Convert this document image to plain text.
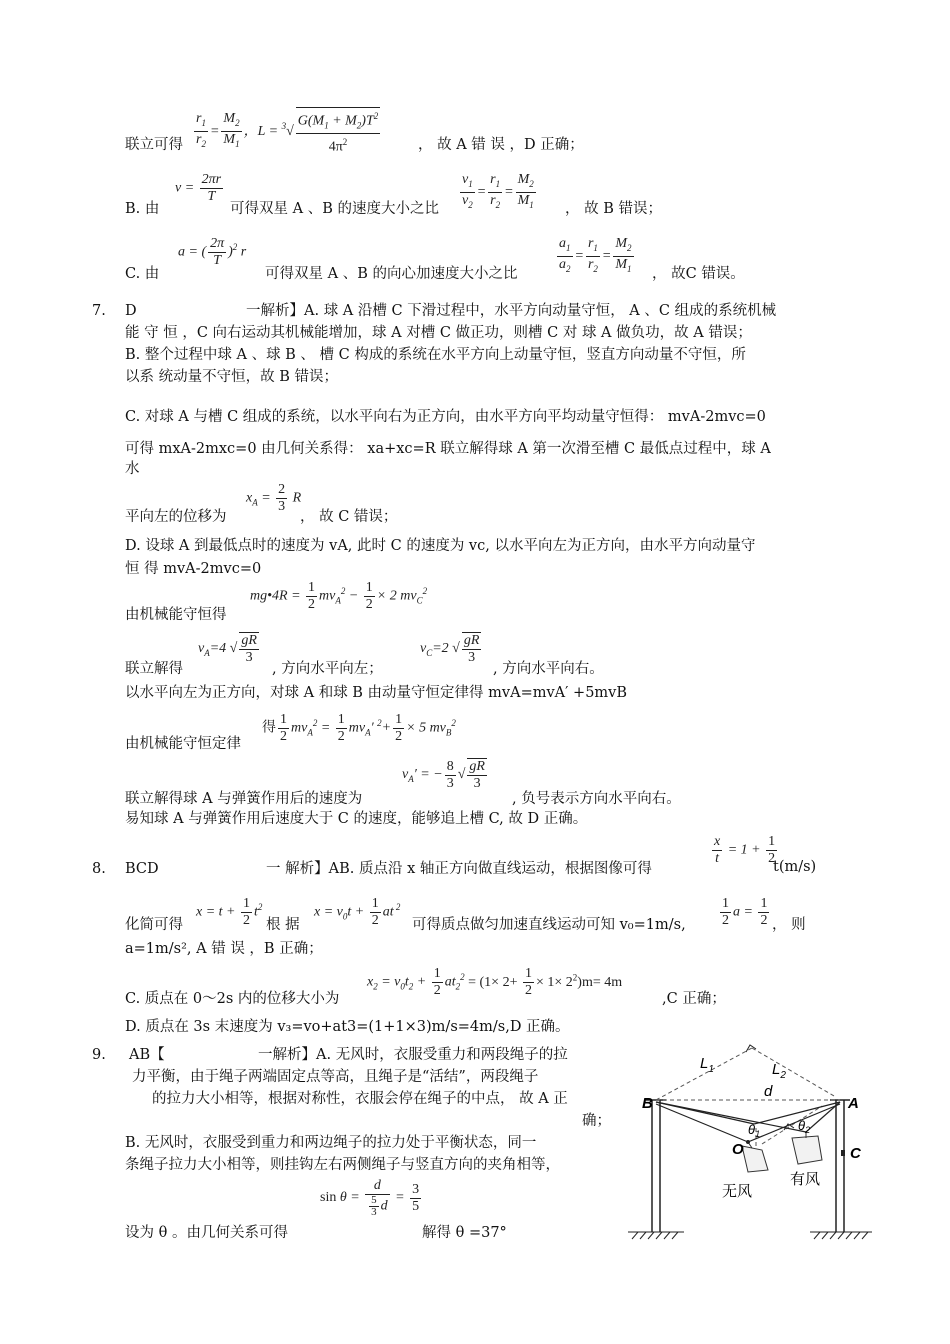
联立可得 $\frac{r_1}{r_2} = \frac{M_2}{M_1}$ ，$L = ^3√ \frac{G(M_1 + M_2)T^2}{4\pi^2}$	， 故 A 错 误 ，D 正确；
B. 由
$v = \frac{2\pi r}{T}$
可得双星 A 、B 的速度大小之比 $\frac{v_1}{v_2} = \frac{r_1}{r_2} = \frac{M_2}{M_1}$ ， 故 B 错误；
C. 由
a = ( $\frac{2\pi}{T} )^2$ r
可得双星 A 、B 的向心加速度大小之比	$\frac{a_1}{a_2} = \frac{r_1}{r_2} = \frac{M_2}{M_1}$ ， 故C 错误。
7. D	一解析】A. 球 A 沿槽 C 下滑过程中，水平方向动量守恒， A 、C 组成的系统机械
能 守 恒 ，C 向右运动其机械能增加，球 A 对槽 C 做正功，则槽 C 对 球 A 做负功，故 A 错误；
B. 整个过程中球 A 、球 B 、 槽 C 构成的系统在水平方向上动量守恒，竖直方向动量不守恒，所
以系 统动量不守恒，故 B 错误；
C. 对球 A 与槽 C 组成的系统，以水平向右为正方向，由水平方向平均动量守恒得： mvA-2mvc=0
可得 mxA-2mxc=0 由几何关系得： xa+xc=R 联立解得球 A 第一次滑至槽 C 最低点过程中，球 A
水
$x_A = \frac{2}{3}$ R
平向左的位移为	， 故 C 错误；
D. 设球 A 到最低点时的速度为 vA, 此时 C 的速度为 vc, 以水平向左为正方向，由水平方向动量守
恒 得 mvA-2mvc=0
mg•4R = $\frac{1}{2} mv_A^2 - \frac{1}{2} \times 2$ $mv_C^2$
由机械能守恒得
$v_A=4$ √ $\frac{gR}{3}$
联立解得	, 方向水平向左；
$v_C=2$ √ $\frac{gR}{3}$
, 方向水平向右。
以水平向左为正方向，对球 A 和球 B 由动量守恒定律得 mvA=mvA′ +5mvB
得 $\frac{1}{2} mv_A^2 = \frac{1}{2} mv_A'$ $^2+ \frac{1}{2} \times 5$ $mv_B^2$
由机械能守恒定律
$v_A'$ = − $\frac{8}{3}$ √ $\frac{gR}{3}$
联立解得球 A 与弹簧作用后的速度为	, 负号表示方向水平向右。
易知球 A 与弹簧作用后速度大于 C 的速度，能够追上槽 C, 故 D 正确。
8. BCD	一 解析】AB. 质点沿 x 轴正方向做直线运动，根据图像可得
$\frac{x}{t} = 1 + \frac{1}{2}$
t(m/s)
化简可得
$x = t + \frac{1}{2} t^2$
根 据
$x = v_0t + \frac{1}{2}$ at $^2$
可得质点做匀加速直线运动可知 v₀=1m/s, $\frac{1}{2}$ $a = \frac{1}{2}$ ， 则
a=1m/s², A 错 误 ，B 正确；
C. 质点在 0～2s 内的位移大小为
$x_2 = v_0t_2 + \frac{1}{2} at_2^2 = (1\times 2+ \frac{1}{2} \times 1\times 2^2)m= 4m$
,C 正确；
D. 质点在 3s 末速度为 v₃=vo+at3=(1+1×3)m/s=4m/s,D 正确。
9. AB【	一解析】A. 无风时，衣服受重力和两段绳子的拉
力平衡，由于绳子两端固定点等高，且绳子是“活结”，两段绳子
的拉力大小相等，根据对称性，衣服会停在绳子的中点， 故 A 正
确；
B. 无风时，衣服受到重力和两边绳子的拉力处于平衡状态，同一
条绳子拉力大小相等，则挂钩左右两侧绳子与竖直方向的夹角相等，
$\sin \theta = \frac{d}{\frac{5}{3} d} = \frac{3}{5}$
设为 θ 。由几何关系可得	解得 θ =37°
$L_1$	$L_2$
d
B	A
C
O
$\theta_1$
$\theta_2$
无风
有风
